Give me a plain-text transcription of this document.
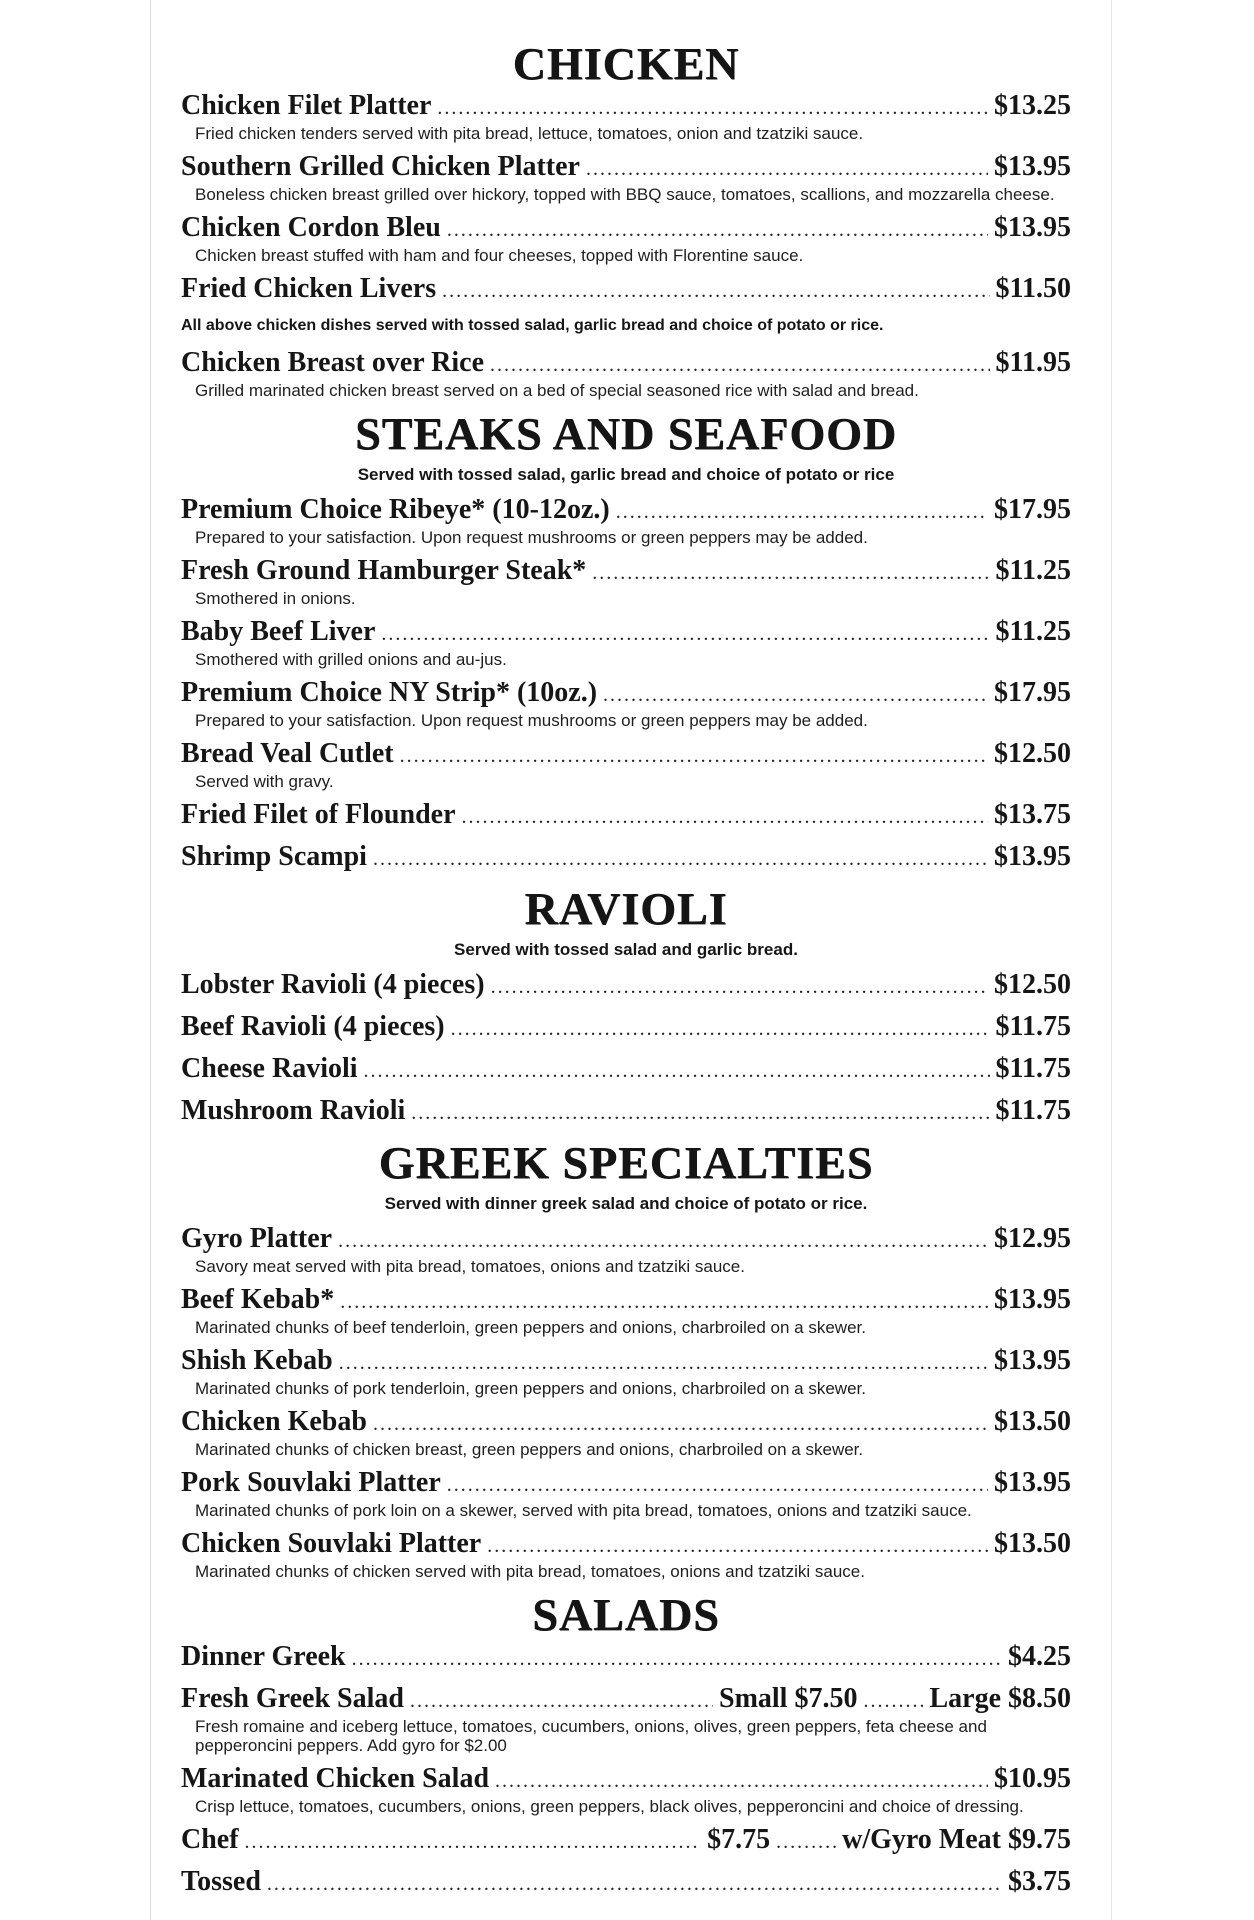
CHICKEN
Chicken Filet Platter .....	$13.25
Fried chicken tenders served with pita bread, lettuce, tomatoes, onion and tzatziki sauce.
Southern Grilled Chicken Platter .....	$13.95
Boneless chicken breast grilled over hickory, topped with BBQ sauce, tomatoes, scallions, and mozzarella cheese.
Chicken Cordon Bleu .....	$13.95
Chicken breast stuffed with ham and four cheeses, topped with Florentine sauce.
Fried Chicken Livers .....	$11.50
All above chicken dishes served with tossed salad, garlic bread and choice of potato or rice.
Chicken Breast over Rice .....	$11.95
Grilled marinated chicken breast served on a bed of special seasoned rice with salad and bread.
STEAKS AND SEAFOOD
Served with tossed salad, garlic bread and choice of potato or rice
Premium Choice Ribeye* (10-12oz.) .....	$17.95
Prepared to your satisfaction. Upon request mushrooms or green peppers may be added.
Fresh Ground Hamburger Steak* .....	$11.25
Smothered in onions.
Baby Beef Liver .....	$11.25
Smothered with grilled onions and au-jus.
Premium Choice NY Strip* (10oz.) .....	$17.95
Prepared to your satisfaction. Upon request mushrooms or green peppers may be added.
Bread Veal Cutlet .....	$12.50
Served with gravy.
Fried Filet of Flounder .....	$13.75
Shrimp Scampi .....	$13.95
RAVIOLI
Served with tossed salad and garlic bread.
Lobster Ravioli (4 pieces) .....	$12.50
Beef Ravioli (4 pieces) .....	$11.75
Cheese Ravioli .....	$11.75
Mushroom Ravioli .....	$11.75
GREEK SPECIALTIES
Served with dinner greek salad and choice of potato or rice.
Gyro Platter .....	$12.95
Savory meat served with pita bread, tomatoes, onions and tzatziki sauce.
Beef Kebab* .....	$13.95
Marinated chunks of beef tenderloin, green peppers and onions, charbroiled on a skewer.
Shish Kebab .....	$13.95
Marinated chunks of pork tenderloin, green peppers and onions, charbroiled on a skewer.
Chicken Kebab .....	$13.50
Marinated chunks of chicken breast, green peppers and onions, charbroiled on a skewer.
Pork Souvlaki Platter .....	$13.95
Marinated chunks of pork loin on a skewer, served with pita bread, tomatoes, onions and tzatziki sauce.
Chicken Souvlaki Platter .....	$13.50
Marinated chunks of chicken served with pita bread, tomatoes, onions and tzatziki sauce.
SALADS
Dinner Greek .....	$4.25
Fresh Greek Salad .....	Small $7.50 .....	Large $8.50
Fresh romaine and iceberg lettuce, tomatoes, cucumbers, onions, olives, green peppers, feta cheese and pepperoncini peppers. Add gyro for $2.00
Marinated Chicken Salad .....	$10.95
Crisp lettuce, tomatoes, cucumbers, onions, green peppers, black olives, pepperoncini and choice of dressing.
Chef .....	$7.75 .....	w/Gyro Meat $9.75
Tossed .....	$3.75
